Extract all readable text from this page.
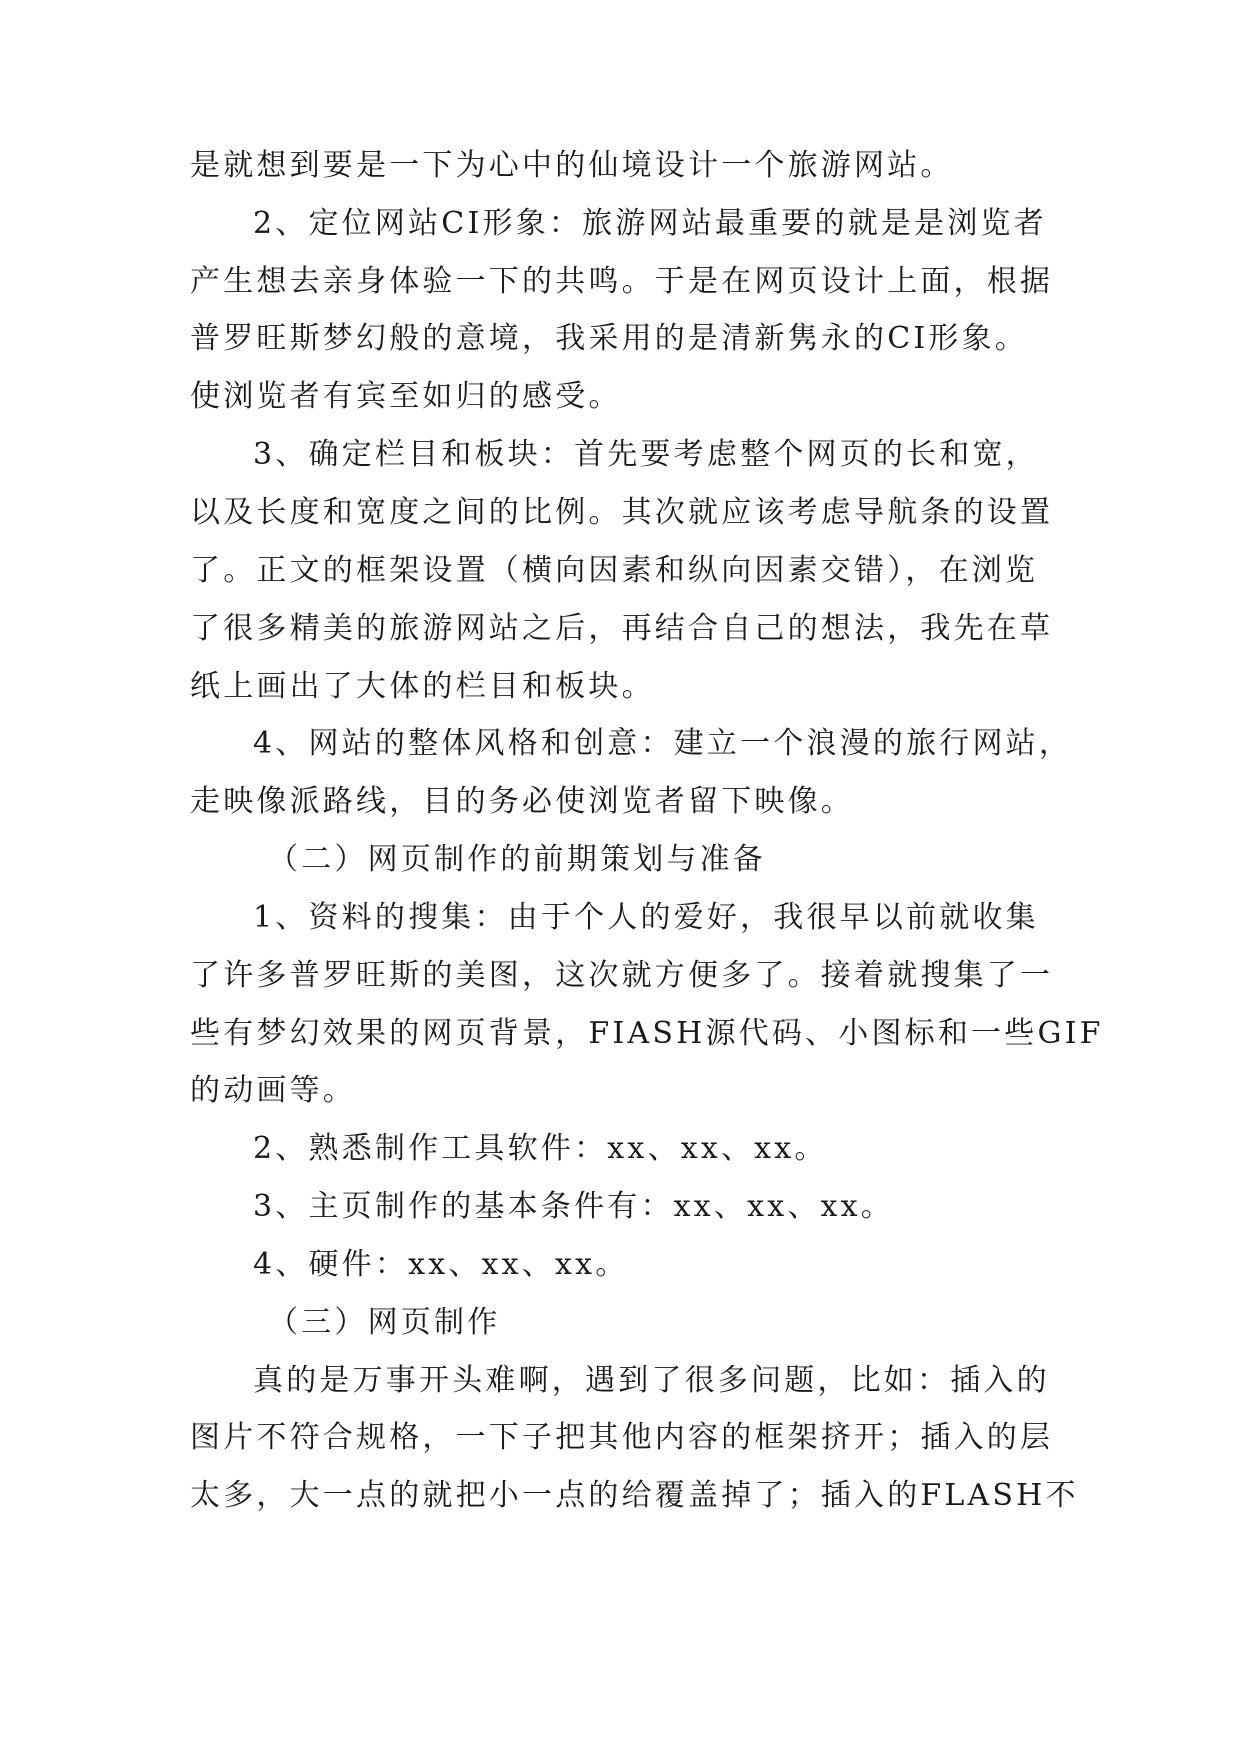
是就想到要是一下为心中的仙境设计一个旅游网站。
2、定位网站CI形象：旅游网站最重要的就是是浏览者
产生想去亲身体验一下的共鸣。于是在网页设计上面，根据
普罗旺斯梦幻般的意境，我采用的是清新隽永的CI形象。
使浏览者有宾至如归的感受。
3、确定栏目和板块：首先要考虑整个网页的长和宽，
以及长度和宽度之间的比例。其次就应该考虑导航条的设置
了。正文的框架设置（横向因素和纵向因素交错），在浏览
了很多精美的旅游网站之后，再结合自己的想法，我先在草
纸上画出了大体的栏目和板块。
4、网站的整体风格和创意：建立一个浪漫的旅行网站，
走映像派路线，目的务必使浏览者留下映像。
（二）网页制作的前期策划与准备
1、资料的搜集：由于个人的爱好，我很早以前就收集
了许多普罗旺斯的美图，这次就方便多了。接着就搜集了一
些有梦幻效果的网页背景，FIASH源代码、小图标和一些GIF
的动画等。
2、熟悉制作工具软件：xx、xx、xx。
3、主页制作的基本条件有：xx、xx、xx。
4、硬件：xx、xx、xx。
（三）网页制作
真的是万事开头难啊，遇到了很多问题，比如：插入的
图片不符合规格，一下子把其他内容的框架挤开；插入的层
太多，大一点的就把小一点的给覆盖掉了；插入的FLASH不
